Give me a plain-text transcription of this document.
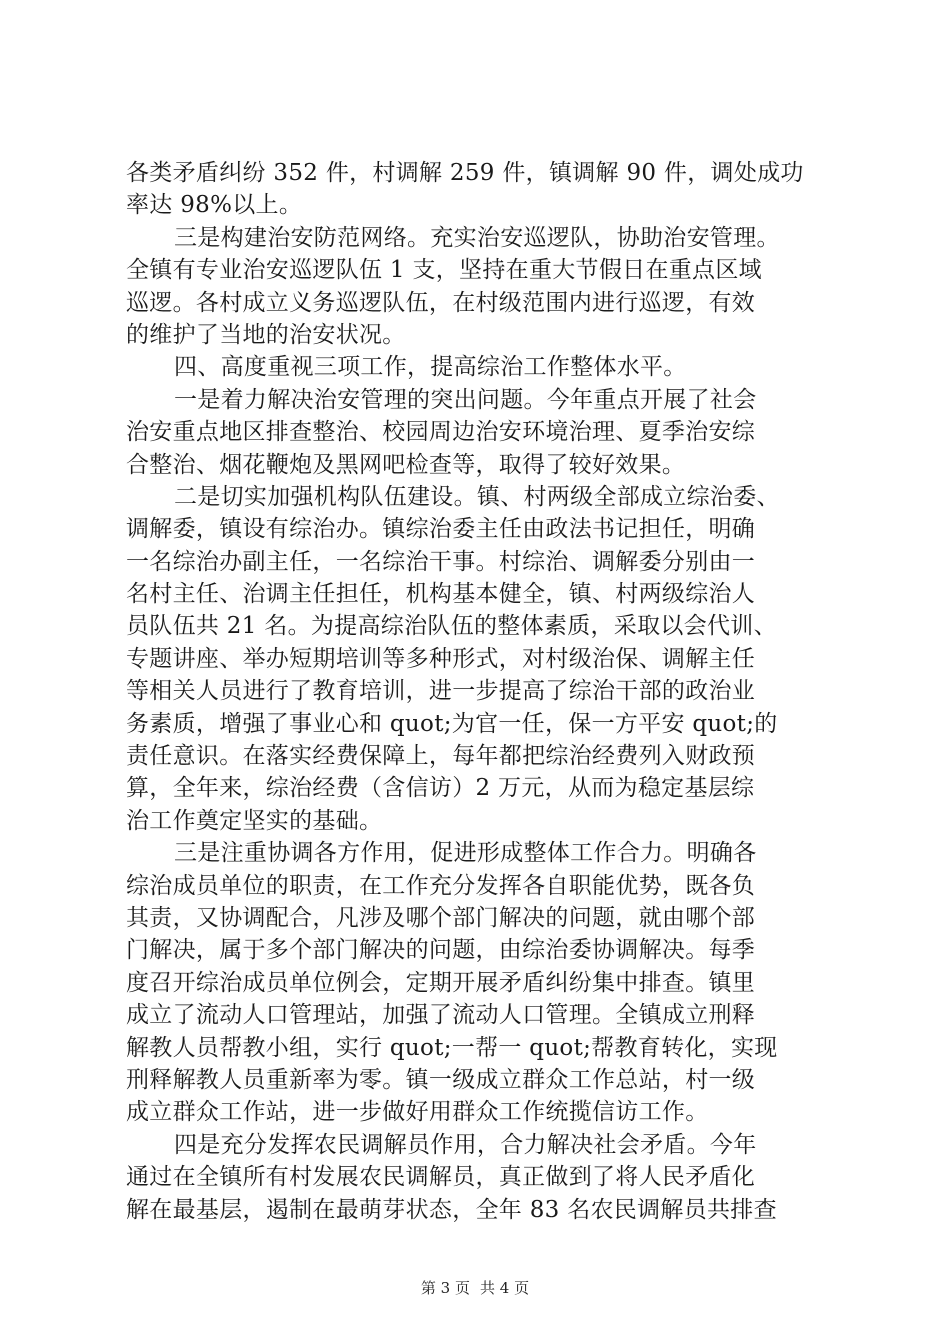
各类矛盾纠纷 352 件，村调解 259 件，镇调解 90 件，调处成功
率达 98%以上。
三是构建治安防范网络。充实治安巡逻队，协助治安管理。
全镇有专业治安巡逻队伍 1 支，坚持在重大节假日在重点区域
巡逻。各村成立义务巡逻队伍，在村级范围内进行巡逻，有效
的维护了当地的治安状况。
四、高度重视三项工作，提高综治工作整体水平。
一是着力解决治安管理的突出问题。今年重点开展了社会
治安重点地区排查整治、校园周边治安环境治理、夏季治安综
合整治、烟花鞭炮及黑网吧检查等，取得了较好效果。
二是切实加强机构队伍建设。镇、村两级全部成立综治委、
调解委，镇设有综治办。镇综治委主任由政法书记担任，明确
一名综治办副主任，一名综治干事。村综治、调解委分别由一
名村主任、治调主任担任，机构基本健全，镇、村两级综治人
员队伍共 21 名。为提高综治队伍的整体素质，采取以会代训、
专题讲座、举办短期培训等多种形式，对村级治保、调解主任
等相关人员进行了教育培训，进一步提高了综治干部的政治业
务素质，增强了事业心和 quot;为官一任，保一方平安 quot;的
责任意识。在落实经费保障上，每年都把综治经费列入财政预
算，全年来，综治经费（含信访）2 万元，从而为稳定基层综
治工作奠定坚实的基础。
三是注重协调各方作用，促进形成整体工作合力。明确各
综治成员单位的职责，在工作充分发挥各自职能优势，既各负
其责，又协调配合，凡涉及哪个部门解决的问题，就由哪个部
门解决，属于多个部门解决的问题，由综治委协调解决。每季
度召开综治成员单位例会，定期开展矛盾纠纷集中排查。镇里
成立了流动人口管理站，加强了流动人口管理。全镇成立刑释
解教人员帮教小组，实行 quot;一帮一 quot;帮教育转化，实现
刑释解教人员重新率为零。镇一级成立群众工作总站，村一级
成立群众工作站，进一步做好用群众工作统揽信访工作。
四是充分发挥农民调解员作用，合力解决社会矛盾。今年
通过在全镇所有村发展农民调解员，真正做到了将人民矛盾化
解在最基层，遏制在最萌芽状态，全年 83 名农民调解员共排查
第 3 页 共 4 页
